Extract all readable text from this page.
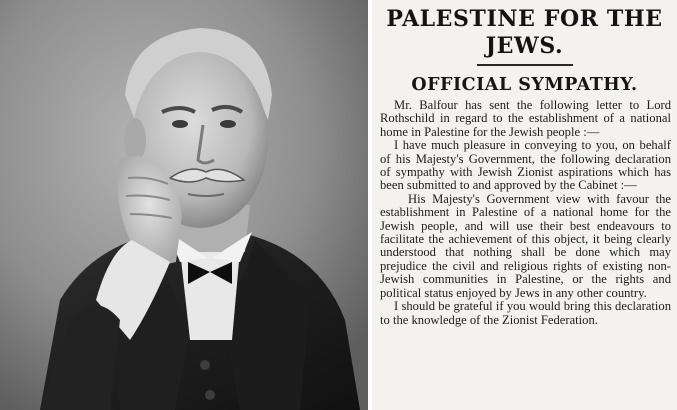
PALESTINE FOR THE JEWS.
OFFICIAL SYMPATHY.

Mr. Balfour has sent the following letter to Lord Rothschild in regard to the establishment of a national home in Palestine for the Jewish people :—

I have much pleasure in conveying to you, on behalf of his Majesty's Government, the following declaration of sympathy with Jewish Zionist aspirations which has been submitted to and approved by the Cabinet :—

His Majesty's Government view with favour the establishment in Palestine of a national home for the Jewish people, and will use their best endeavours to facilitate the achievement of this object, it being clearly understood that nothing shall be done which may prejudice the civil and religious rights of existing non-Jewish communities in Palestine, or the rights and political status enjoyed by Jews in any other country.

I should be grateful if you would bring this declaration to the knowledge of the Zionist Federation.
